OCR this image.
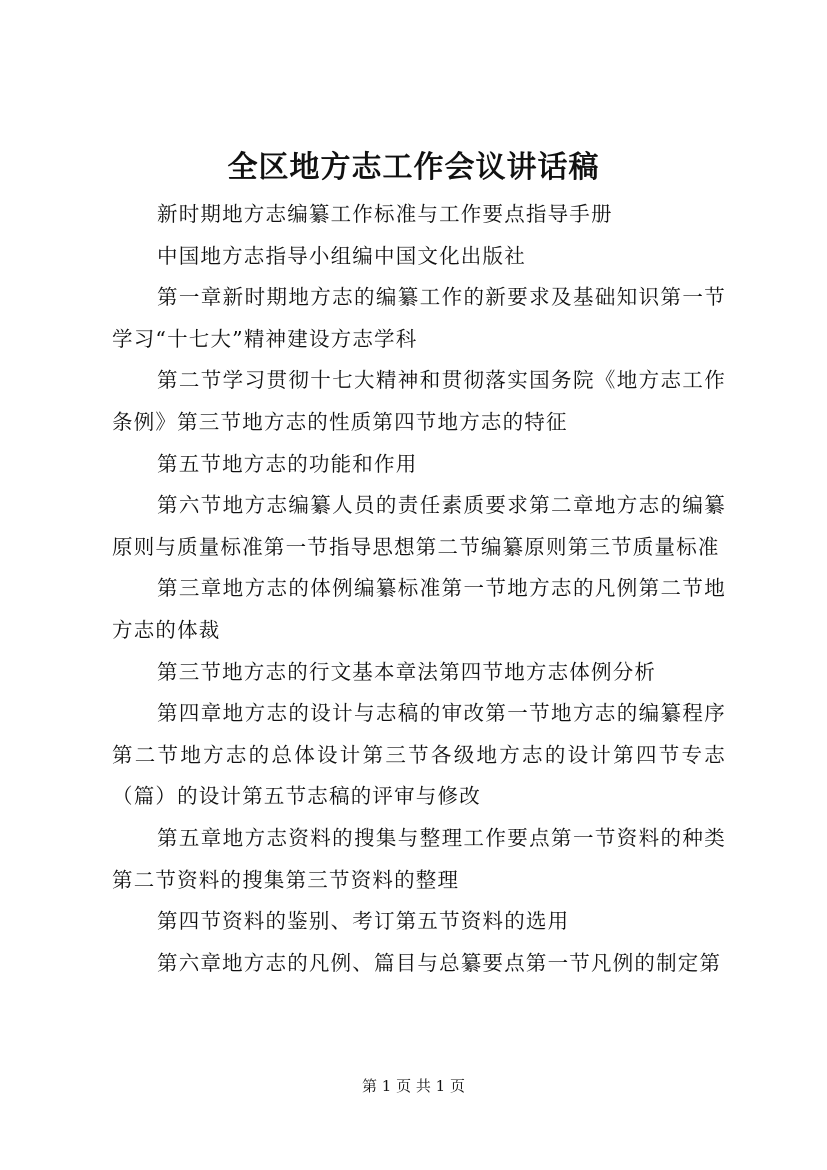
全区地方志工作会议讲话稿

新时期地方志编纂工作标准与工作要点指导手册

中国地方志指导小组编中国文化出版社

第一章新时期地方志的编纂工作的新要求及基础知识第一节学习“十七大”精神建设方志学科

第二节学习贯彻十七大精神和贯彻落实国务院《地方志工作条例》第三节地方志的性质第四节地方志的特征

第五节地方志的功能和作用

第六节地方志编纂人员的责任素质要求第二章地方志的编纂原则与质量标准第一节指导思想第二节编纂原则第三节质量标准

第三章地方志的体例编纂标准第一节地方志的凡例第二节地方志的体裁

第三节地方志的行文基本章法第四节地方志体例分析

第四章地方志的设计与志稿的审改第一节地方志的编纂程序第二节地方志的总体设计第三节各级地方志的设计第四节专志（篇）的设计第五节志稿的评审与修改

第五章地方志资料的搜集与整理工作要点第一节资料的种类第二节资料的搜集第三节资料的整理

第四节资料的鉴别、考订第五节资料的选用

第六章地方志的凡例、篇目与总纂要点第一节凡例的制定第

第 1 页 共 1 页
